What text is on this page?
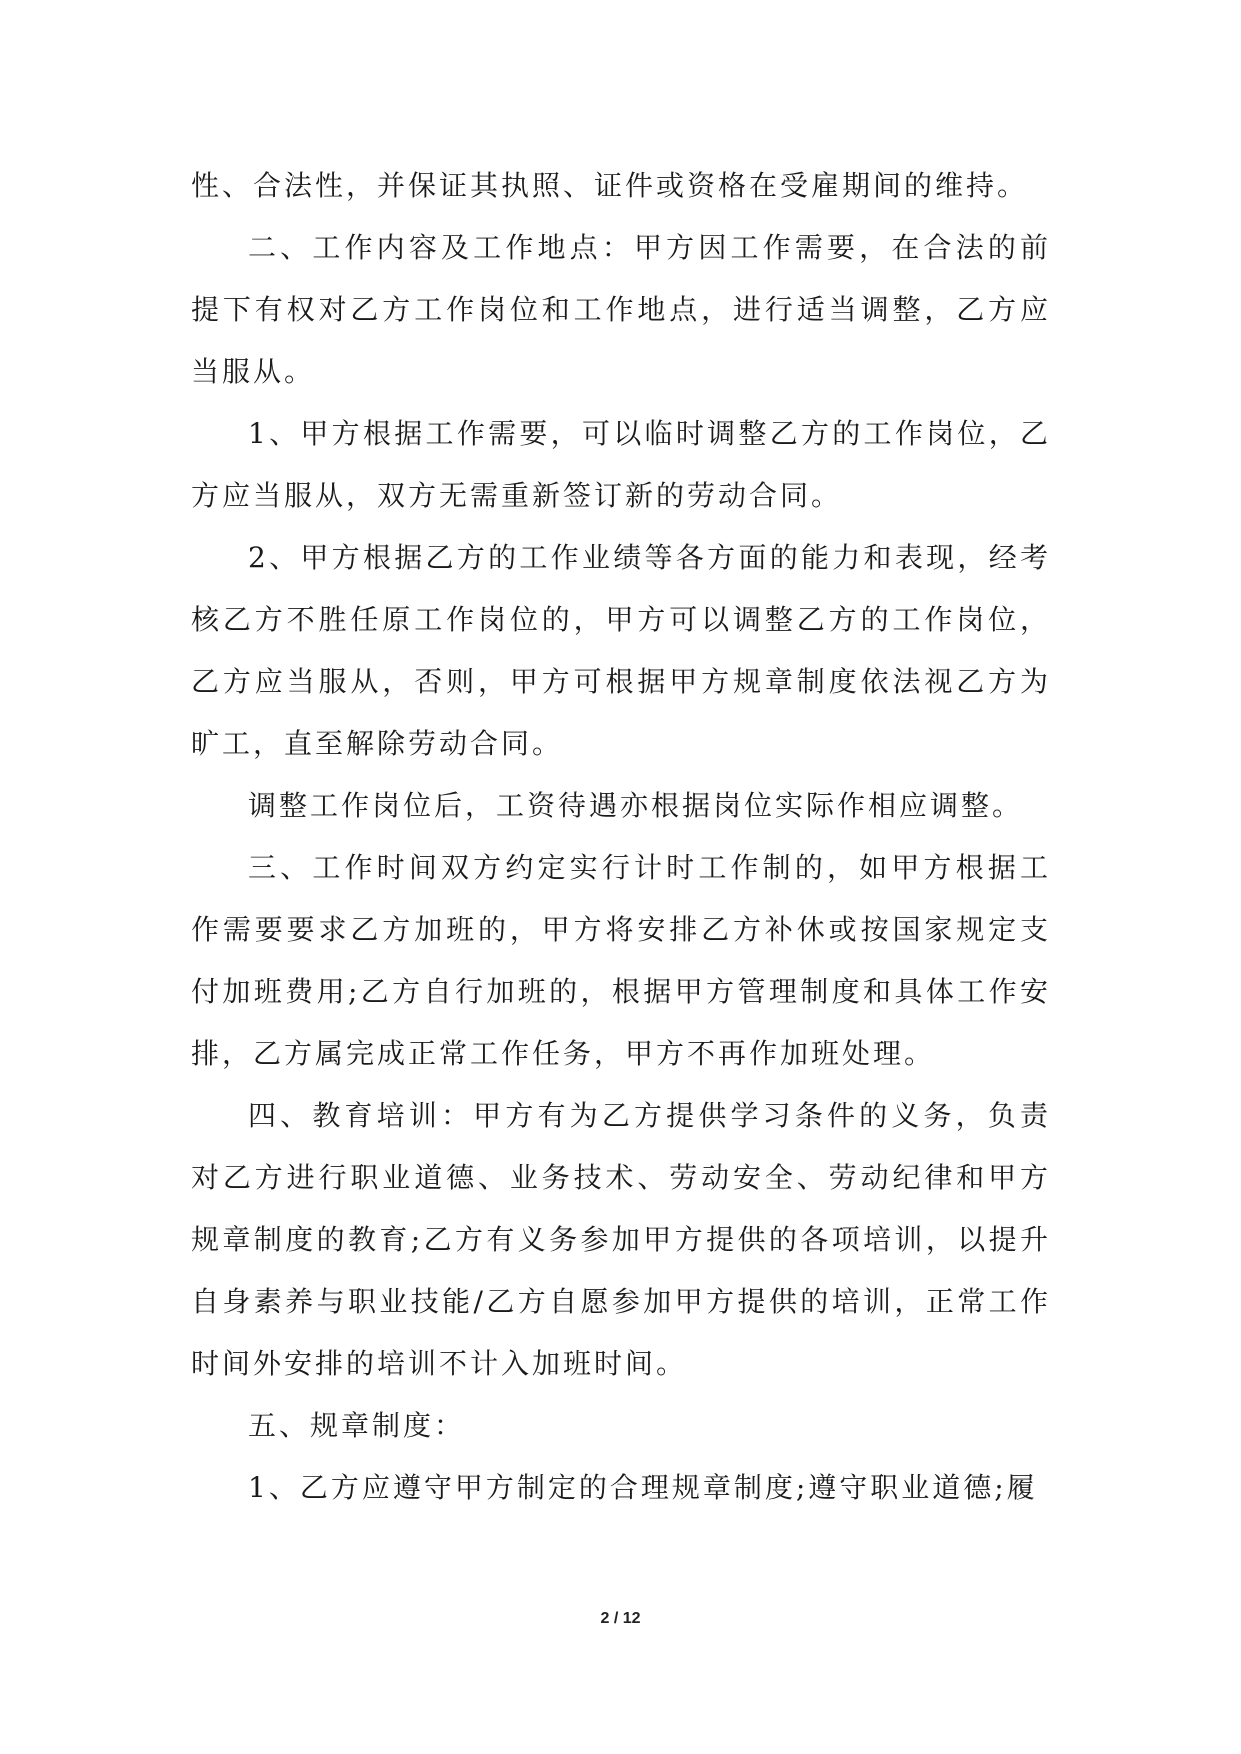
性、合法性，并保证其执照、证件或资格在受雇期间的维持。

二、工作内容及工作地点：甲方因工作需要，在合法的前提下有权对乙方工作岗位和工作地点，进行适当调整，乙方应当服从。

1、甲方根据工作需要，可以临时调整乙方的工作岗位，乙方应当服从，双方无需重新签订新的劳动合同。

2、甲方根据乙方的工作业绩等各方面的能力和表现，经考核乙方不胜任原工作岗位的，甲方可以调整乙方的工作岗位，乙方应当服从，否则，甲方可根据甲方规章制度依法视乙方为旷工，直至解除劳动合同。

调整工作岗位后，工资待遇亦根据岗位实际作相应调整。

三、工作时间双方约定实行计时工作制的，如甲方根据工作需要要求乙方加班的，甲方将安排乙方补休或按国家规定支付加班费用;乙方自行加班的，根据甲方管理制度和具体工作安排，乙方属完成正常工作任务，甲方不再作加班处理。

四、教育培训：甲方有为乙方提供学习条件的义务，负责对乙方进行职业道德、业务技术、劳动安全、劳动纪律和甲方规章制度的教育;乙方有义务参加甲方提供的各项培训，以提升自身素养与职业技能/乙方自愿参加甲方提供的培训，正常工作时间外安排的培训不计入加班时间。

五、规章制度：

1、乙方应遵守甲方制定的合理规章制度;遵守职业道德;履

2 / 12
